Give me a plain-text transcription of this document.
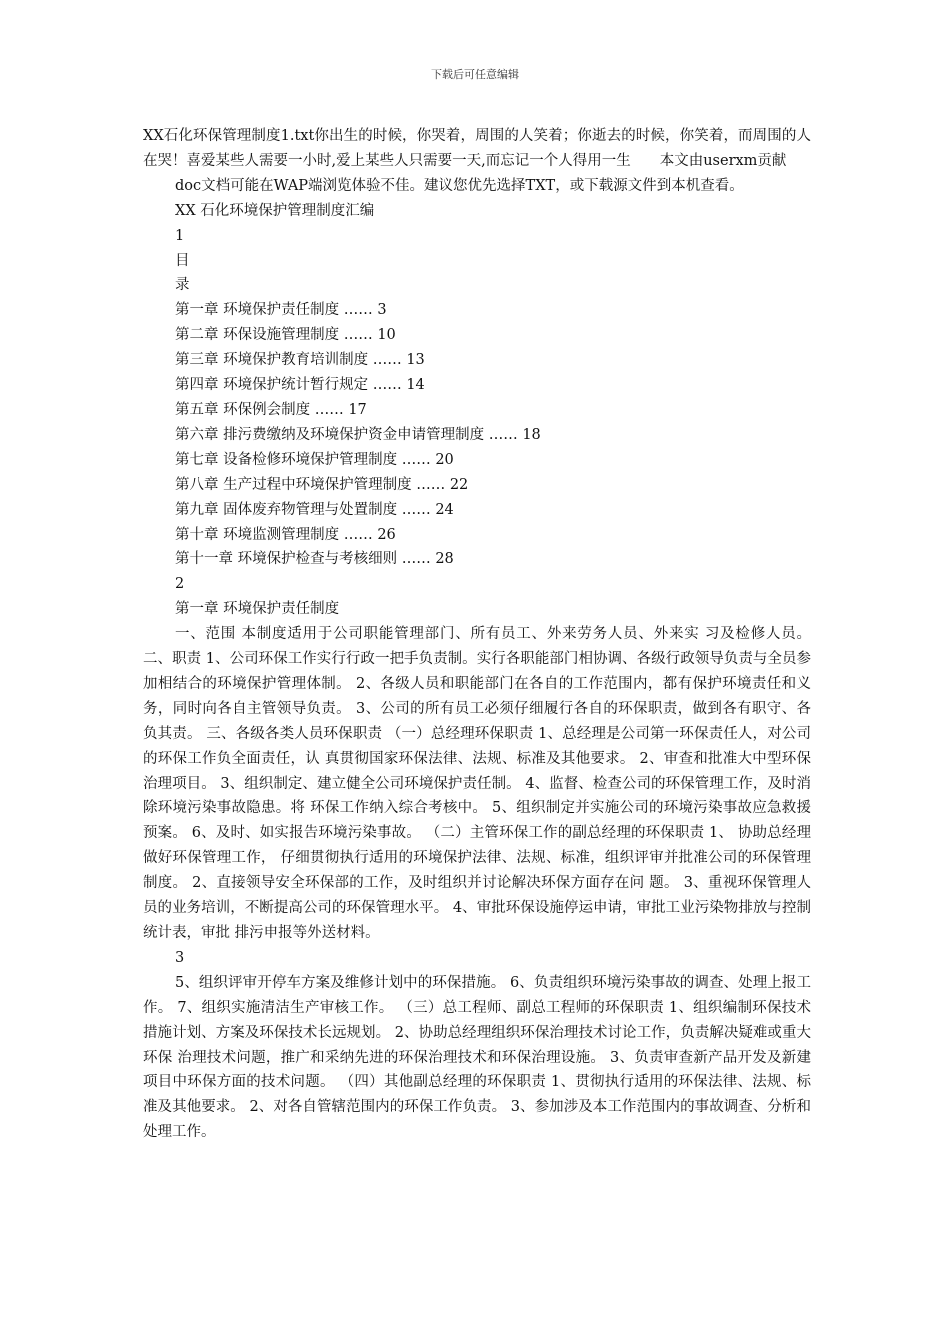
下载后可任意编辑

XX石化环保管理制度1.txt你出生的时候，你哭着，周围的人笑着；你逝去的时候，你笑着，而周围的人在哭！喜爱某些人需要一小时,爱上某些人只需要一天,而忘记一个人得用一生　　本文由userxm贡献

doc文档可能在WAP端浏览体验不佳。建议您优先选择TXT，或下载源文件到本机查看。

XX 石化环境保护管理制度汇编

1

目

录

第一章 环境保护责任制度 …… 3

第二章 环保设施管理制度 …… 10

第三章 环境保护教育培训制度 …… 13

第四章 环境保护统计暂行规定 …… 14

第五章 环保例会制度 …… 17

第六章 排污费缴纳及环境保护资金申请管理制度 …… 18

第七章 设备检修环境保护管理制度 …… 20

第八章 生产过程中环境保护管理制度 …… 22

第九章 固体废弃物管理与处置制度 …… 24

第十章 环境监测管理制度 …… 26

第十一章 环境保护检查与考核细则 …… 28

2

第一章 环境保护责任制度

一、范围 本制度适用于公司职能管理部门、所有员工、外来劳务人员、外来实 习及检修人员。 二、职责 1、公司环保工作实行行政一把手负责制。实行各职能部门相协调、各级行政领导负责与全员参加相结合的环境保护管理体制。 2、各级人员和职能部门在各自的工作范围内，都有保护环境责任和义 务，同时向各自主管领导负责。 3、公司的所有员工必须仔细履行各自的环保职责，做到各有职守、各 负其责。 三、各级各类人员环保职责 （一）总经理环保职责 1、总经理是公司第一环保责任人，对公司的环保工作负全面责任，认 真贯彻国家环保法律、法规、标准及其他要求。 2、审查和批准大中型环保治理项目。 3、组织制定、建立健全公司环境保护责任制。 4、监督、检查公司的环保管理工作，及时消除环境污染事故隐患。将 环保工作纳入综合考核中。 5、组织制定并实施公司的环境污染事故应急救援预案。 6、及时、如实报告环境污染事故。 （二）主管环保工作的副总经理的环保职责 1、 协助总经理做好环保管理工作， 仔细贯彻执行适用的环境保护法律、法规、标准，组织评审并批准公司的环保管理制度。 2、直接领导安全环保部的工作，及时组织并讨论解决环保方面存在问 题。 3、重视环保管理人员的业务培训，不断提高公司的环保管理水平。 4、审批环保设施停运申请，审批工业污染物排放与控制统计表，审批 排污申报等外送材料。

3

5、组织评审开停车方案及维修计划中的环保措施。 6、负责组织环境污染事故的调查、处理上报工作。 7、组织实施清洁生产审核工作。 （三）总工程师、副总工程师的环保职责 1、组织编制环保技术措施计划、方案及环保技术长远规划。 2、协助总经理组织环保治理技术讨论工作，负责解决疑难或重大环保 治理技术问题，推广和采纳先进的环保治理技术和环保治理设施。 3、负责审查新产品开发及新建项目中环保方面的技术问题。 （四）其他副总经理的环保职责 1、贯彻执行适用的环保法律、法规、标准及其他要求。 2、对各自管辖范围内的环保工作负责。 3、参加涉及本工作范围内的事故调查、分析和处理工作。
